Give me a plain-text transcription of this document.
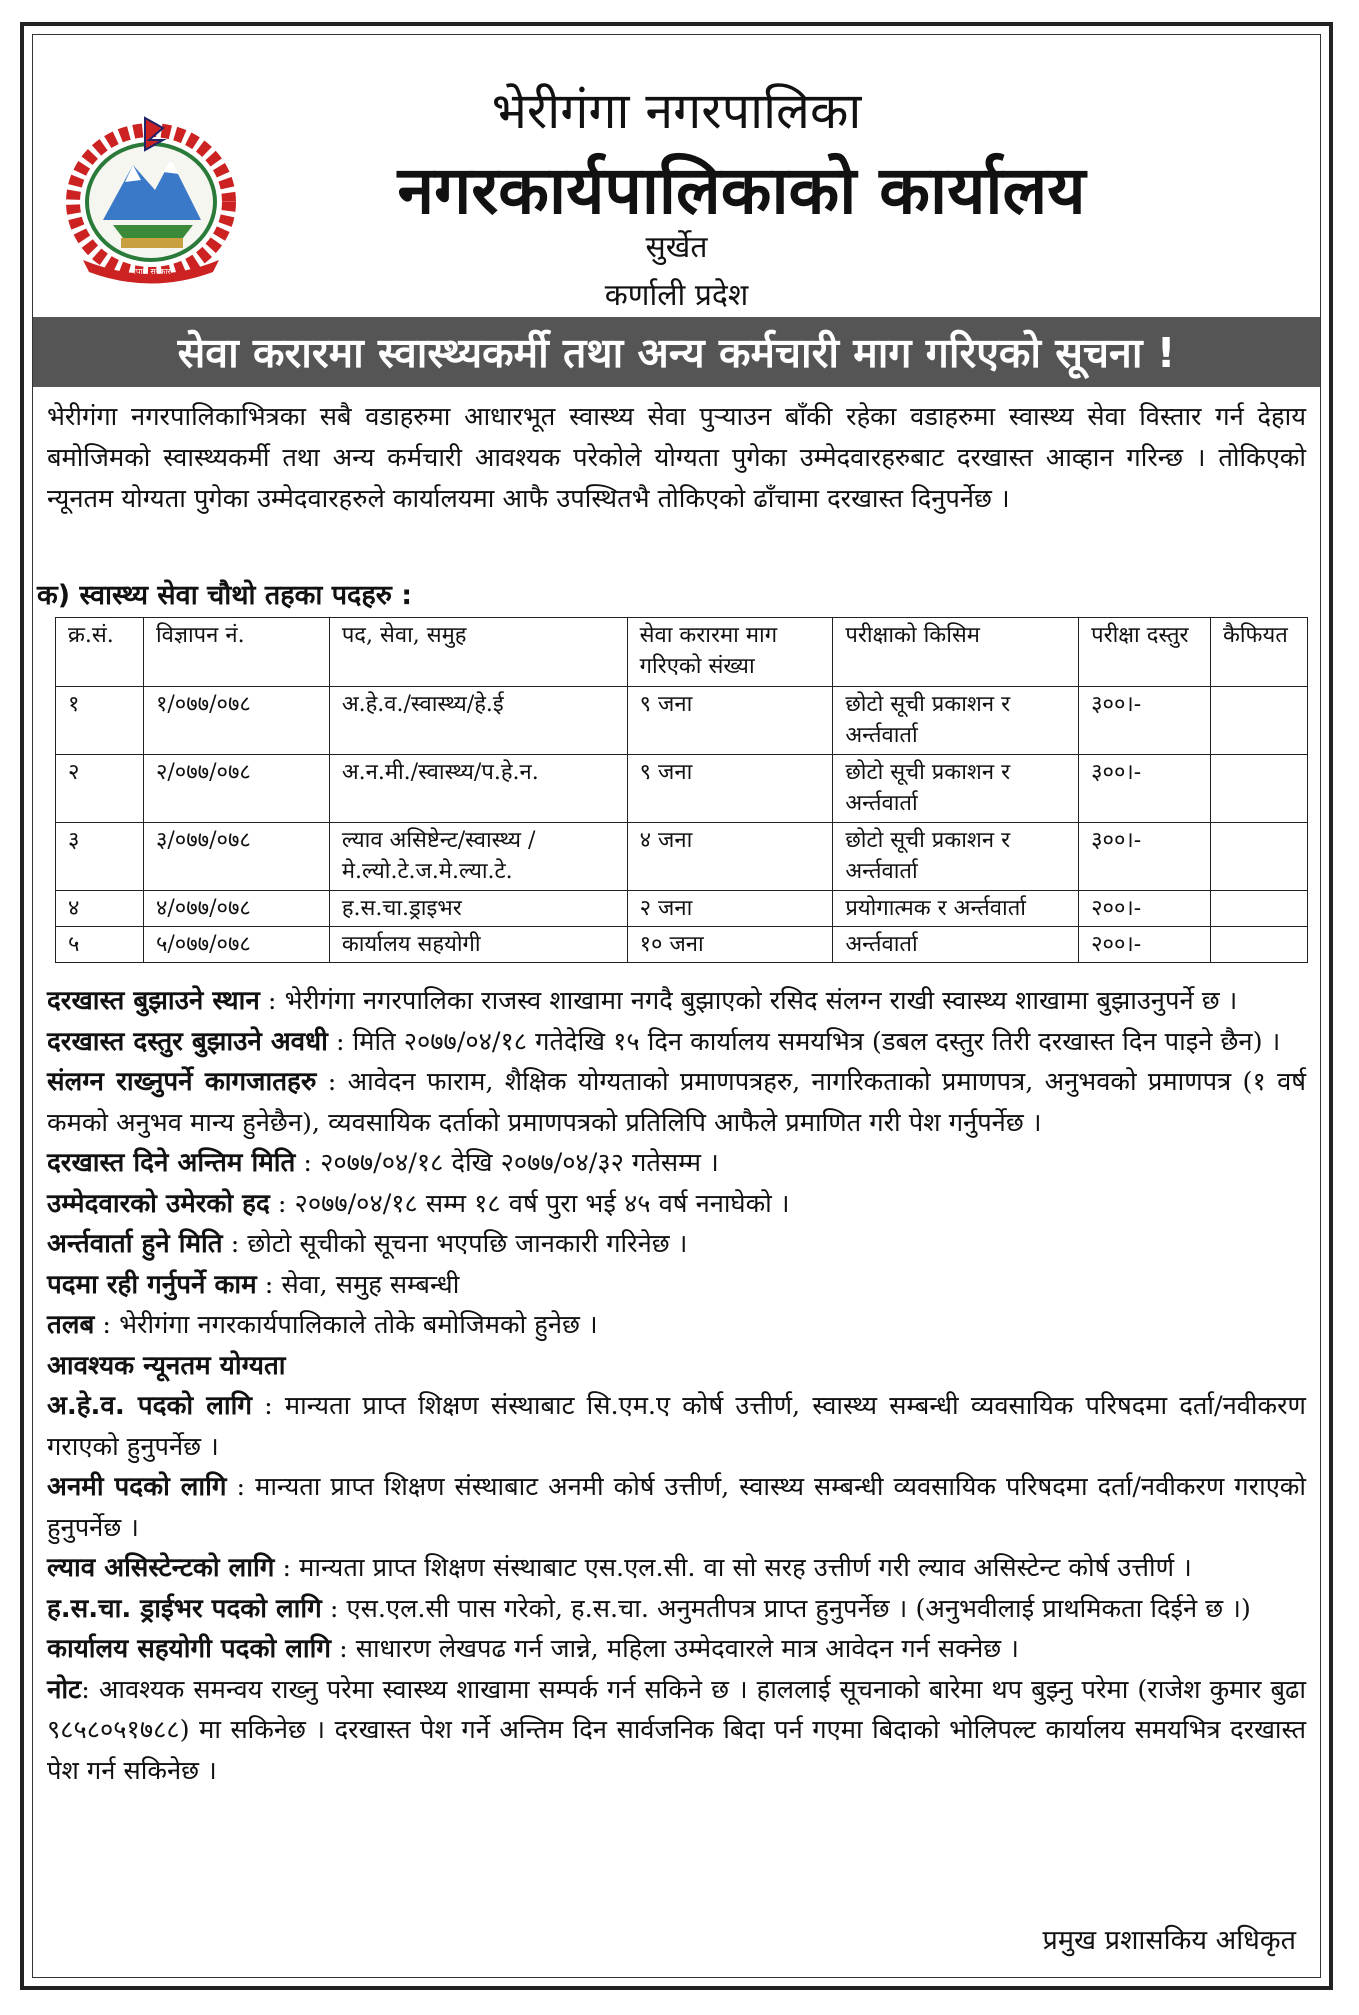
नेपाल सरकार
भेरीगंगा नगरपालिका
नगरकार्यपालिकाको कार्यालय
सुर्खेत
कर्णाली प्रदेश
सेवा करारमा स्वास्थ्यकर्मी तथा अन्य कर्मचारी माग गरिएको सूचना !
भेरीगंगा नगरपालिकाभित्रका सबै वडाहरुमा आधारभूत स्वास्थ्य सेवा पुऱ्याउन बाँकी रहेका वडाहरुमा स्वास्थ्य सेवा विस्तार गर्न देहाय बमोजिमको स्वास्थ्यकर्मी तथा अन्य कर्मचारी आवश्यक परेकोले योग्यता पुगेका उम्मेदवारहरुबाट दरखास्त आव्हान गरिन्छ । तोकिएको न्यूनतम योग्यता पुगेका उम्मेदवारहरुले कार्यालयमा आफै उपस्थितभै तोकिएको ढाँचामा दरखास्त दिनुपर्नेछ ।
क) स्वास्थ्य सेवा चौथो तहका पदहरु :
क्र.सं.	विज्ञापन नं.	पद, सेवा, समुह	सेवा करारमा माग गरिएको संख्या	परीक्षाको किसिम	परीक्षा दस्तुर	कैफियत
१	१/०७७/०७८	अ.हे.व./स्वास्थ्य/हे.ई	९ जना	छोटो सूची प्रकाशन र अर्न्तवार्ता	३००।-	
२	२/०७७/०७८	अ.न.मी./स्वास्थ्य/प.हे.न.	९ जना	छोटो सूची प्रकाशन र अर्न्तवार्ता	३००।-	
३	३/०७७/०७८	ल्याव असिष्टेन्ट/स्वास्थ्य /मे.ल्यो.टे.ज.मे.ल्या.टे.	४ जना	छोटो सूची प्रकाशन र अर्न्तवार्ता	३००।-	
४	४/०७७/०७८	ह.स.चा.ड्राइभर	२ जना	प्रयोगात्मक र अर्न्तवार्ता	२००।-	
५	५/०७७/०७८	कार्यालय सहयोगी	१० जना	अर्न्तवार्ता	२००।-	

दरखास्त बुझाउने स्थान : भेरीगंगा नगरपालिका राजस्व शाखामा नगदै बुझाएको रसिद संलग्न राखी स्वास्थ्य शाखामा बुझाउनुपर्ने छ ।

दरखास्त दस्तुर बुझाउने अवधी : मिति २०७७/०४/१८ गतेदेखि १५ दिन कार्यालय समयभित्र (डबल दस्तुर तिरी दरखास्त दिन पाइने छैन) ।

संलग्न राख्नुपर्ने कागजातहरु : आवेदन फाराम, शैक्षिक योग्यताको प्रमाणपत्रहरु, नागरिकताको प्रमाणपत्र, अनुभवको प्रमाणपत्र (१ वर्ष कमको अनुभव मान्य हुनेछैन), व्यवसायिक दर्ताको प्रमाणपत्रको प्रतिलिपि आफैले प्रमाणित गरी पेश गर्नुपर्नेछ ।

दरखास्त दिने अन्तिम मिति : २०७७/०४/१८ देखि २०७७/०४/३२ गतेसम्म ।

उम्मेदवारको उमेरको हद : २०७७/०४/१८ सम्म १८ वर्ष पुरा भई ४५ वर्ष ननाघेको ।

अर्न्तवार्ता हुने मिति : छोटो सूचीको सूचना भएपछि जानकारी गरिनेछ ।

पदमा रही गर्नुपर्ने काम : सेवा, समुह सम्बन्धी

तलब : भेरीगंगा नगरकार्यपालिकाले तोके बमोजिमको हुनेछ ।

आवश्यक न्यूनतम योग्यता

अ.हे.व. पदको लागि : मान्यता प्राप्त शिक्षण संस्थाबाट सि.एम.ए कोर्ष उत्तीर्ण, स्वास्थ्य सम्बन्धी व्यवसायिक परिषदमा दर्ता/नवीकरण गराएको हुनुपर्नेछ ।

अनमी पदको लागि : मान्यता प्राप्त शिक्षण संस्थाबाट अनमी कोर्ष उत्तीर्ण, स्वास्थ्य सम्बन्धी व्यवसायिक परिषदमा दर्ता/नवीकरण गराएको हुनुपर्नेछ ।

ल्याव असिस्टेन्टको लागि : मान्यता प्राप्त शिक्षण संस्थाबाट एस.एल.सी. वा सो सरह उत्तीर्ण गरी ल्याव असिस्टेन्ट कोर्ष उत्तीर्ण ।

ह.स.चा. ड्राईभर पदको लागि : एस.एल.सी पास गरेको, ह.स.चा. अनुमतीपत्र प्राप्त हुनुपर्नेछ । (अनुभवीलाई प्राथमिकता दिईने छ ।)

कार्यालय सहयोगी पदको लागि : साधारण लेखपढ गर्न जान्ने, महिला उम्मेदवारले मात्र आवेदन गर्न सक्नेछ ।

नोट: आवश्यक समन्वय राख्नु परेमा स्वास्थ्य शाखामा सम्पर्क गर्न सकिने छ । हाललाई सूचनाको बारेमा थप बुझ्नु परेमा (राजेश कुमार बुढा ९८५८०५१७८८) मा सकिनेछ । दरखास्त पेश गर्ने अन्तिम दिन सार्वजनिक बिदा पर्न गएमा बिदाको भोलिपल्ट कार्यालय समयभित्र दरखास्त पेश गर्न सकिनेछ ।

प्रमुख प्रशासकिय अधिकृत
